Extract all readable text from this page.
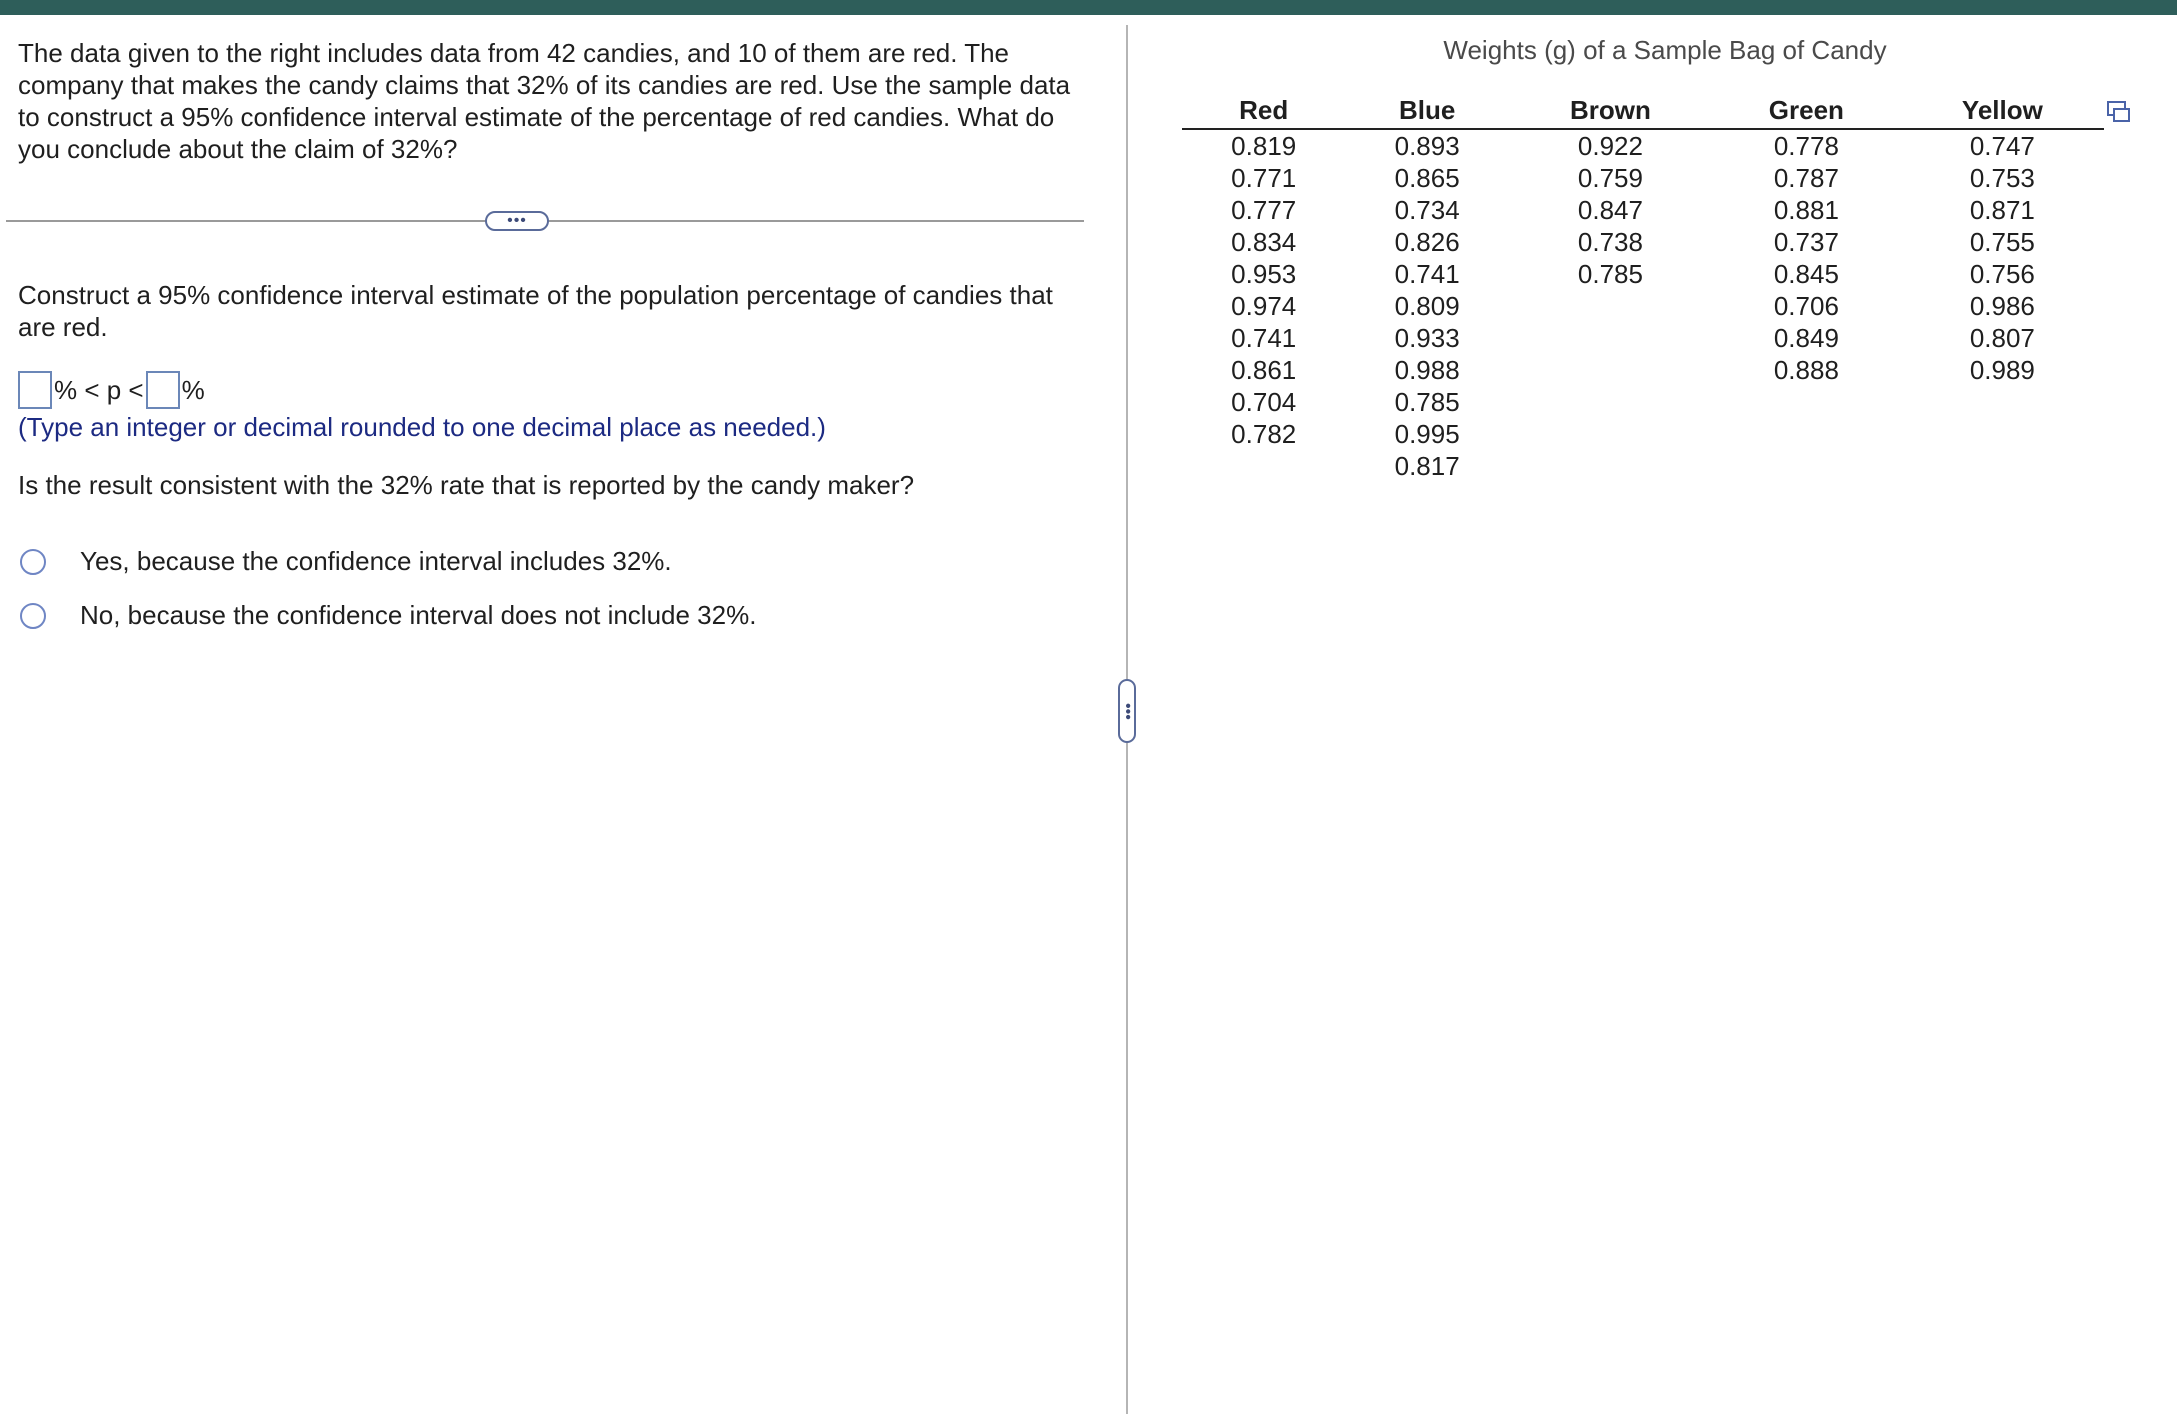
The data given to the right includes data from 42 candies, and 10 of them are red. The company that makes the candy claims that 32% of its candies are red. Use the sample data to construct a 95% confidence interval estimate of the percentage of red candies. What do you conclude about the claim of 32%?
•••
Construct a 95% confidence interval estimate of the population percentage of candies that are red.
% < p < %
(Type an integer or decimal rounded to one decimal place as needed.)
Is the result consistent with the 32% rate that is reported by the candy maker?
Yes, because the confidence interval includes 32%.
No, because the confidence interval does not include 32%.
•••
Weights (g) of a Sample Bag of Candy
Red	Blue	Brown	Green	Yellow
0.819	0.893	0.922	0.778	0.747
0.771	0.865	0.759	0.787	0.753
0.777	0.734	0.847	0.881	0.871
0.834	0.826	0.738	0.737	0.755
0.953	0.741	0.785	0.845	0.756
0.974	0.809		0.706	0.986
0.741	0.933		0.849	0.807
0.861	0.988		0.888	0.989
0.704	0.785			
0.782	0.995			
	0.817			
